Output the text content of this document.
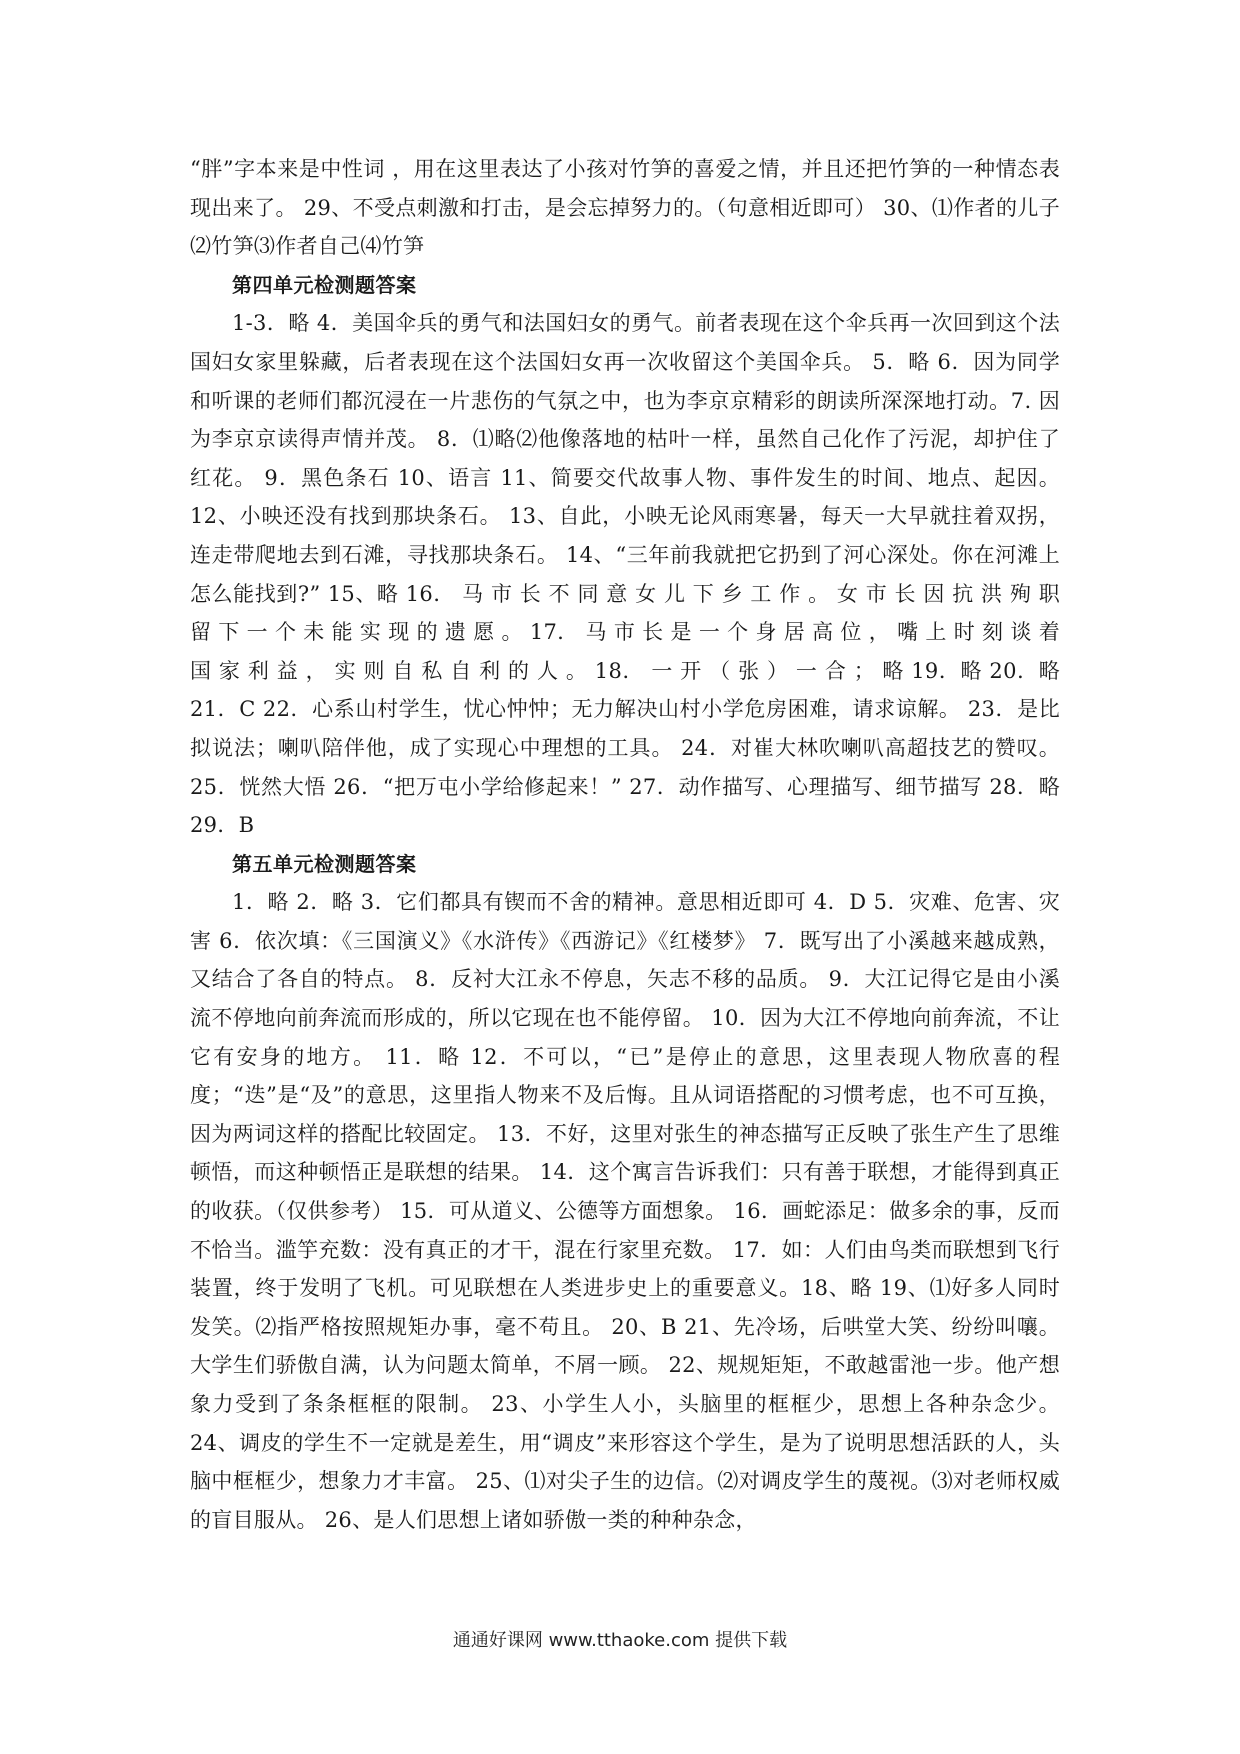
“胖”字本来是中性词 ，用在这里表达了小孩对竹笋的喜爱之情，并且还把竹笋的一种情态表现出来了。 29、不受点刺激和打击，是会忘掉努力的。（句意相近即可） 30、⑴作者的儿子⑵竹笋⑶作者自己⑷竹笋

第四单元检测题答案

1-3．略 4．美国伞兵的勇气和法国妇女的勇气。前者表现在这个伞兵再一次回到这个法国妇女家里躲藏，后者表现在这个法国妇女再一次收留这个美国伞兵。 5．略 6．因为同学和听课的老师们都沉浸在一片悲伤的气氛之中，也为李京京精彩的朗读所深深地打动。7. 因为李京京读得声情并茂。 8．⑴略⑵他像落地的枯叶一样，虽然自己化作了污泥，却护住了红花。 9．黑色条石 10、语言 11、简要交代故事人物、事件发生的时间、地点、起因。 12、小映还没有找到那块条石。 13、自此，小映无论风雨寒暑，每天一大早就拄着双拐，连走带爬地去到石滩，寻找那块条石。 14、“三年前我就把它扔到了河心深处。你在河滩上怎么能找到?” 15、略 16． 马 市 长 不 同 意 女 儿 下 乡 工 作 。 女 市 长 因 抗 洪 殉 职 留 下 一 个 未 能 实 现 的 遗 愿 。 17． 马 市 长 是 一 个 身 居 高 位 ， 嘴 上 时 刻 谈 着 国 家 利 益 ， 实 则 自 私 自 利 的 人 。 18． 一 开 （ 张 ） 一 合 ； 略 19．略 20．略 21．C 22．心系山村学生，忧心忡忡；无力解决山村小学危房困难，请求谅解。 23．是比拟说法；喇叭陪伴他，成了实现心中理想的工具。 24．对崔大林吹喇叭高超技艺的赞叹。 25．恍然大悟 26．“把万屯小学给修起来！” 27．动作描写、心理描写、细节描写 28．略 29．B

第五单元检测题答案

1．略 2．略 3．它们都具有锲而不舍的精神。意思相近即可 4．D 5．灾难、危害、灾害 6．依次填：《三国演义》《水浒传》《西游记》《红楼梦》 7．既写出了小溪越来越成熟，又结合了各自的特点。 8．反衬大江永不停息，矢志不移的品质。 9．大江记得它是由小溪流不停地向前奔流而形成的，所以它现在也不能停留。 10．因为大江不停地向前奔流，不让它有安身的地方。 11．略 12．不可以，“已”是停止的意思，这里表现人物欣喜的程度；“迭”是“及”的意思，这里指人物来不及后悔。且从词语搭配的习惯考虑，也不可互换，因为两词这样的搭配比较固定。 13．不好，这里对张生的神态描写正反映了张生产生了思维顿悟，而这种顿悟正是联想的结果。 14．这个寓言告诉我们：只有善于联想，才能得到真正的收获。（仅供参考） 15．可从道义、公德等方面想象。 16．画蛇添足：做多余的事，反而不恰当。滥竽充数：没有真正的才干，混在行家里充数。 17．如：人们由鸟类而联想到飞行装置，终于发明了飞机。可见联想在人类进步史上的重要意义。18、略 19、⑴好多人同时发笑。⑵指严格按照规矩办事，毫不苟且。 20、B 21、先冷场，后哄堂大笑、纷纷叫嚷。大学生们骄傲自满，认为问题太简单，不屑一顾。 22、规规矩矩，不敢越雷池一步。他产想象力受到了条条框框的限制。 23、小学生人小，头脑里的框框少，思想上各种杂念少。 24、调皮的学生不一定就是差生，用“调皮”来形容这个学生，是为了说明思想活跃的人，头脑中框框少，想象力才丰富。 25、⑴对尖子生的边信。⑵对调皮学生的蔑视。⑶对老师权威的盲目服从。 26、是人们思想上诸如骄傲一类的种种杂念，

通通好课网 www.tthaoke.com 提供下载
